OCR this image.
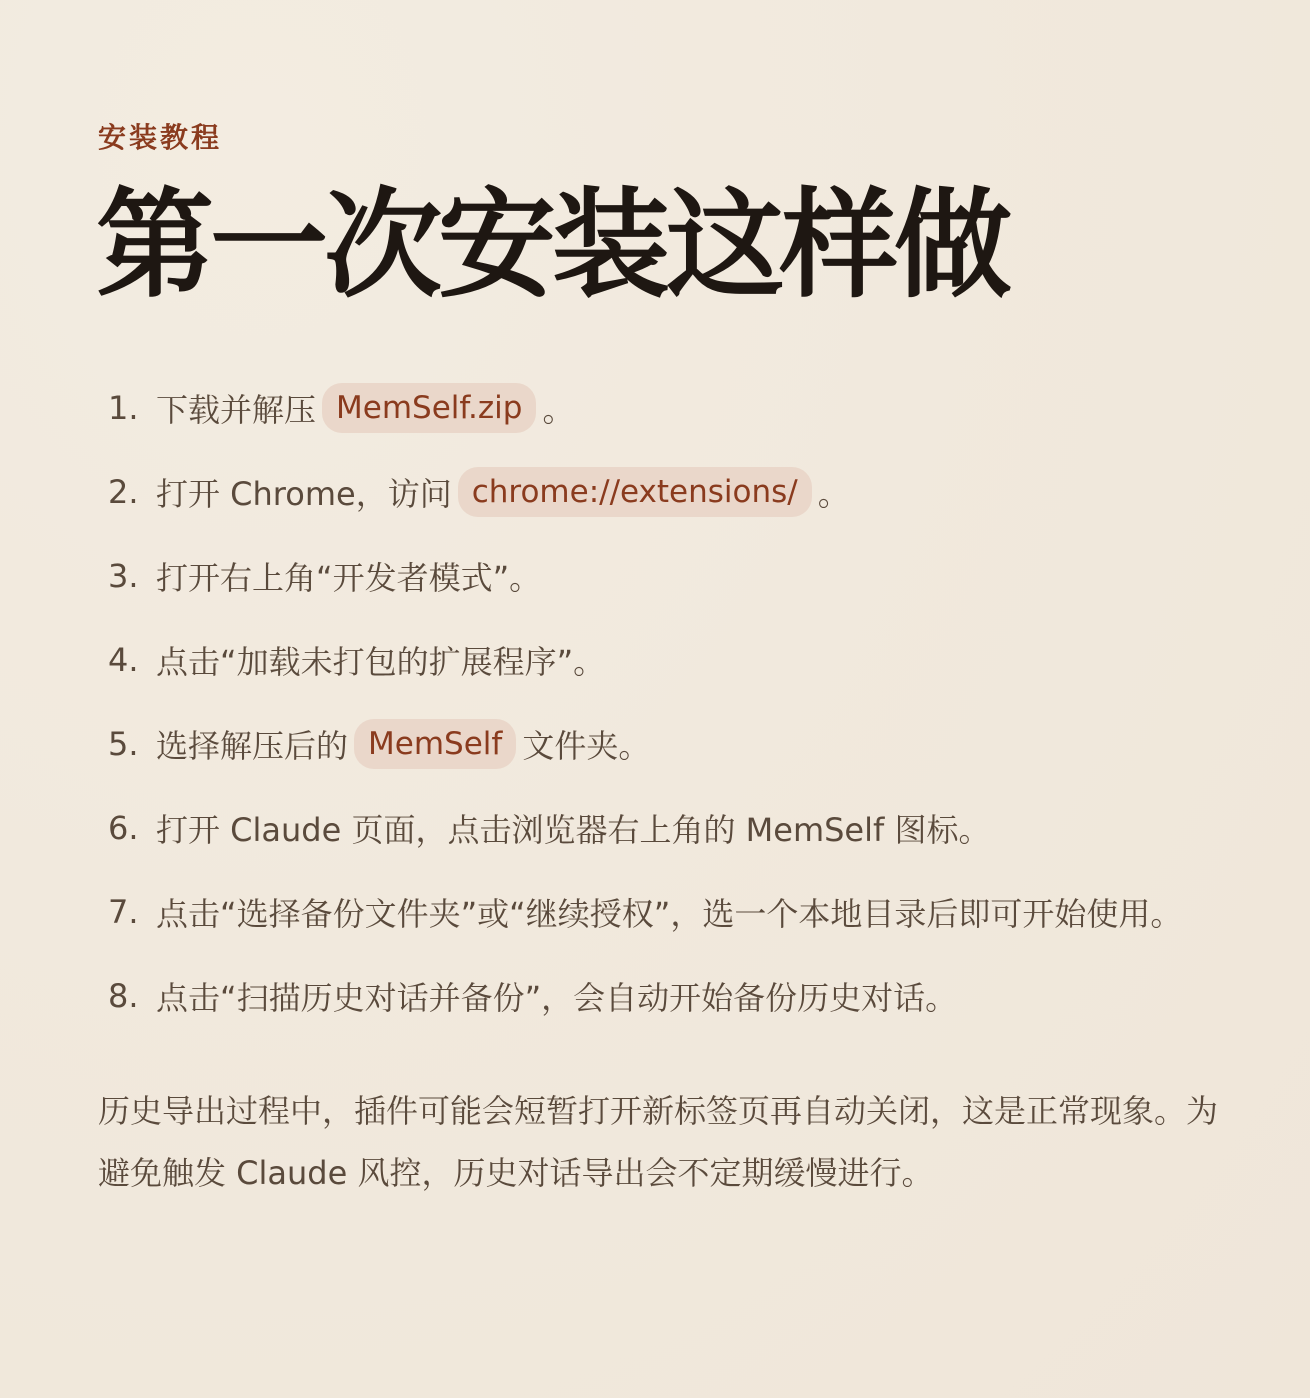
安装教程
第一次安装这样做
1. 下载并解压 MemSelf.zip 。
2. 打开 Chrome，访问 chrome://extensions/ 。
3. 打开右上角“开发者模式”。
4. 点击“加载未打包的扩展程序”。
5. 选择解压后的 MemSelf 文件夹。
6. 打开 Claude 页面，点击浏览器右上角的 MemSelf 图标。
7. 点击“选择备份文件夹”或“继续授权”，选一个本地目录后即可开始使用。
8. 点击“扫描历史对话并备份”，会自动开始备份历史对话。

历史导出过程中，插件可能会短暂打开新标签页再自动关闭，这是正常现象。为避免触发 Claude 风控，历史对话导出会不定期缓慢进行。
